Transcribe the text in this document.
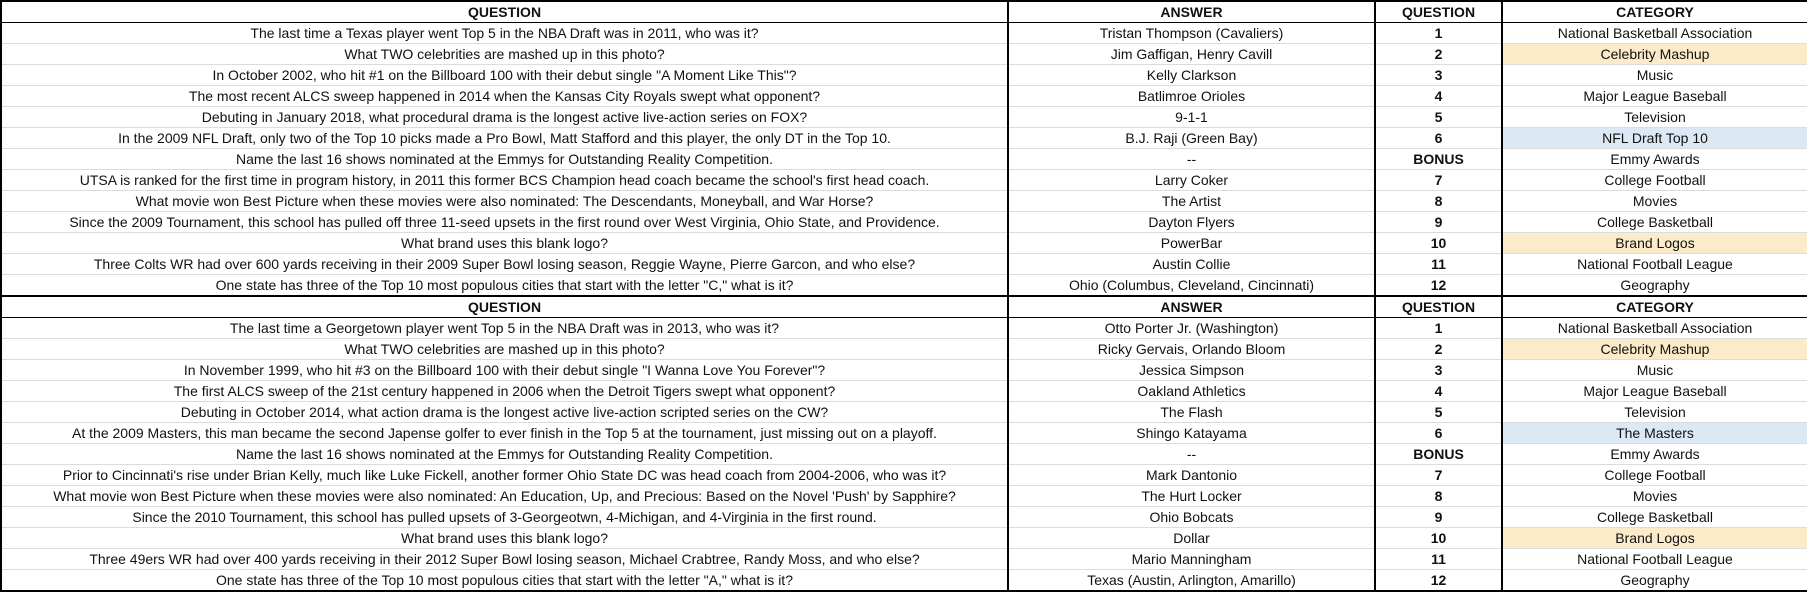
QUESTION	ANSWER	QUESTION	CATEGORY
The last time a Texas player went Top 5 in the NBA Draft was in 2011, who was it?	Tristan Thompson (Cavaliers)	1	National Basketball Association
What TWO celebrities are mashed up in this photo?	Jim Gaffigan, Henry Cavill	2	Celebrity Mashup
In October 2002, who hit #1 on the Billboard 100 with their debut single "A Moment Like This"?	Kelly Clarkson	3	Music
The most recent ALCS sweep happened in 2014 when the Kansas City Royals swept what opponent?	Batlimroe Orioles	4	Major League Baseball
Debuting in January 2018, what procedural drama is the longest active live-action series on FOX?	9-1-1	5	Television
In the 2009 NFL Draft, only two of the Top 10 picks made a Pro Bowl, Matt Stafford and this player, the only DT in the Top 10.	B.J. Raji (Green Bay)	6	NFL Draft Top 10
Name the last 16 shows nominated at the Emmys for Outstanding Reality Competition.	--	BONUS	Emmy Awards
UTSA is ranked for the first time in program history, in 2011 this former BCS Champion head coach became the school's first head coach.	Larry Coker	7	College Football
What movie won Best Picture when these movies were also nominated: The Descendants, Moneyball, and War Horse?	The Artist	8	Movies
Since the 2009 Tournament, this school has pulled off three 11-seed upsets in the first round over West Virginia, Ohio State, and Providence.	Dayton Flyers	9	College Basketball
What brand uses this blank logo?	PowerBar	10	Brand Logos
Three Colts WR had over 600 yards receiving in their 2009 Super Bowl losing season, Reggie Wayne, Pierre Garcon, and who else?	Austin Collie	11	National Football League
One state has three of the Top 10 most populous cities that start with the letter "C," what is it?	Ohio (Columbus, Cleveland, Cincinnati)	12	Geography
QUESTION	ANSWER	QUESTION	CATEGORY
The last time a Georgetown player went Top 5 in the NBA Draft was in 2013, who was it?	Otto Porter Jr. (Washington)	1	National Basketball Association
What TWO celebrities are mashed up in this photo?	Ricky Gervais, Orlando Bloom	2	Celebrity Mashup
In November 1999, who hit #3 on the Billboard 100 with their debut single "I Wanna Love You Forever"?	Jessica Simpson	3	Music
The first ALCS sweep of the 21st century happened in 2006 when the Detroit Tigers swept what opponent?	Oakland Athletics	4	Major League Baseball
Debuting in October 2014, what action drama is the longest active live-action scripted series on the CW?	The Flash	5	Television
At the 2009 Masters, this man became the second Japense golfer to ever finish in the Top 5 at the tournament, just missing out on a playoff.	Shingo Katayama	6	The Masters
Name the last 16 shows nominated at the Emmys for Outstanding Reality Competition.	--	BONUS	Emmy Awards
Prior to Cincinnati's rise under Brian Kelly, much like Luke Fickell, another former Ohio State DC was head coach from 2004-2006, who was it?	Mark Dantonio	7	College Football
What movie won Best Picture when these movies were also nominated: An Education, Up, and Precious: Based on the Novel 'Push' by Sapphire?	The Hurt Locker	8	Movies
Since the 2010 Tournament, this school has pulled upsets of 3-Georgeotwn, 4-Michigan, and 4-Virginia in the first round.	Ohio Bobcats	9	College Basketball
What brand uses this blank logo?	Dollar	10	Brand Logos
Three 49ers WR had over 400 yards receiving in their 2012 Super Bowl losing season, Michael Crabtree, Randy Moss, and who else?	Mario Manningham	11	National Football League
One state has three of the Top 10 most populous cities that start with the letter "A," what is it?	Texas (Austin, Arlington, Amarillo)	12	Geography
